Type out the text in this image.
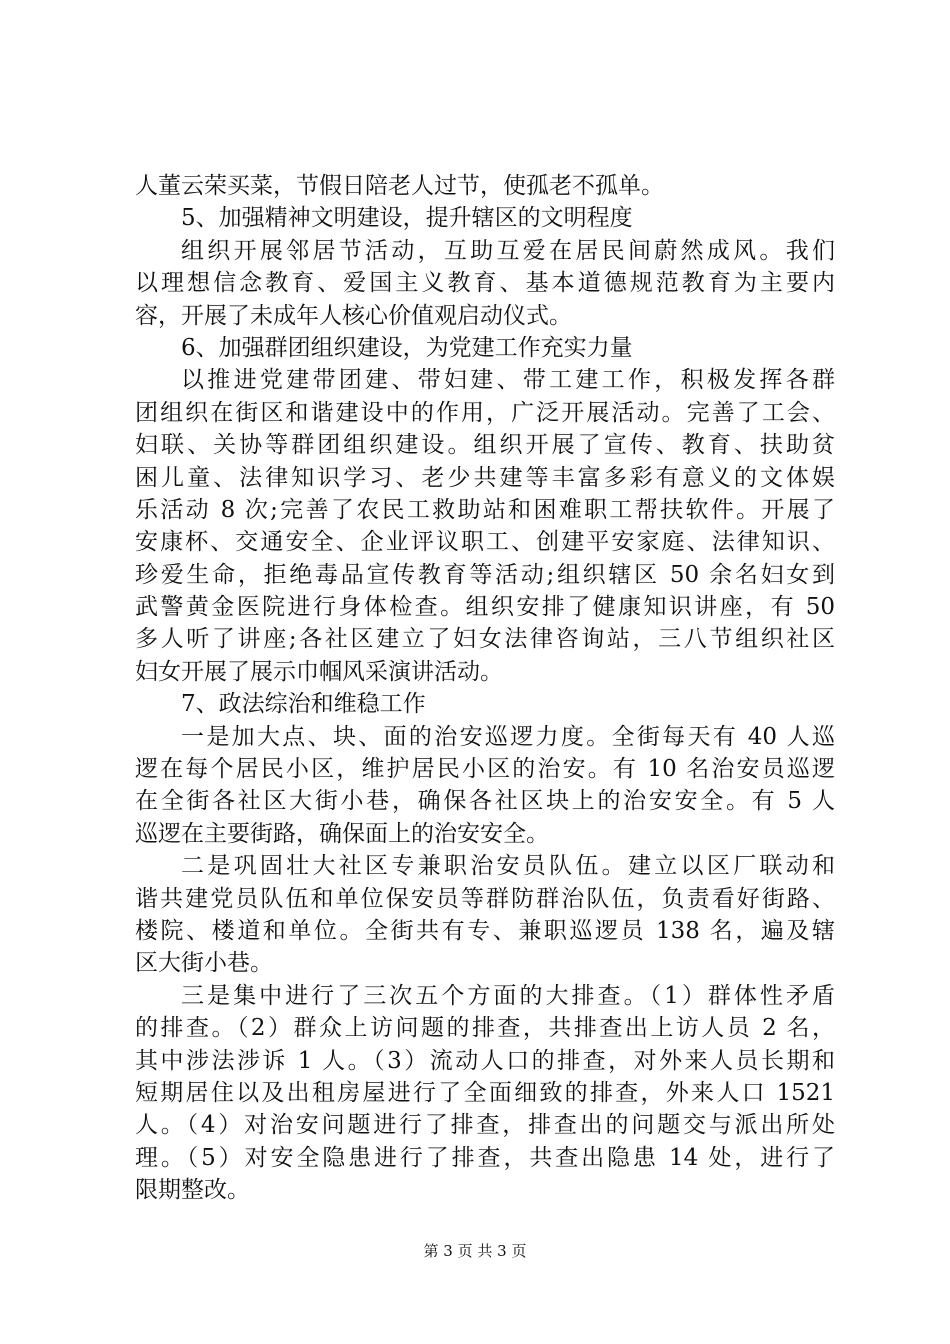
人董云荣买菜，节假日陪老人过节，使孤老不孤单。
5、加强精神文明建设，提升辖区的文明程度
组织开展邻居节活动，互助互爱在居民间蔚然成风。我们
以理想信念教育、爱国主义教育、基本道德规范教育为主要内
容，开展了未成年人核心价值观启动仪式。
6、加强群团组织建设，为党建工作充实力量
以推进党建带团建、带妇建、带工建工作，积极发挥各群
团组织在街区和谐建设中的作用，广泛开展活动。完善了工会、
妇联、关协等群团组织建设。组织开展了宣传、教育、扶助贫
困儿童、法律知识学习、老少共建等丰富多彩有意义的文体娱
乐活动 8 次;完善了农民工救助站和困难职工帮扶软件。开展了
安康杯、交通安全、企业评议职工、创建平安家庭、法律知识、
珍爱生命，拒绝毒品宣传教育等活动;组织辖区 50 余名妇女到
武警黄金医院进行身体检查。组织安排了健康知识讲座，有 50
多人听了讲座;各社区建立了妇女法律咨询站，三八节组织社区
妇女开展了展示巾帼风采演讲活动。
7、政法综治和维稳工作
一是加大点、块、面的治安巡逻力度。全街每天有 40 人巡
逻在每个居民小区，维护居民小区的治安。有 10 名治安员巡逻
在全街各社区大街小巷，确保各社区块上的治安安全。有 5 人
巡逻在主要街路，确保面上的治安安全。
二是巩固壮大社区专兼职治安员队伍。建立以区厂联动和
谐共建党员队伍和单位保安员等群防群治队伍，负责看好街路、
楼院、楼道和单位。全街共有专、兼职巡逻员 138 名，遍及辖
区大街小巷。
三是集中进行了三次五个方面的大排查。（1）群体性矛盾
的排查。（2）群众上访问题的排查，共排查出上访人员 2 名，
其中涉法涉诉 1 人。（3）流动人口的排查，对外来人员长期和
短期居住以及出租房屋进行了全面细致的排查，外来人口 1521
人。（4）对治安问题进行了排查，排查出的问题交与派出所处
理。（5）对安全隐患进行了排查，共查出隐患 14 处，进行了
限期整改。
第 3 页 共 3 页
